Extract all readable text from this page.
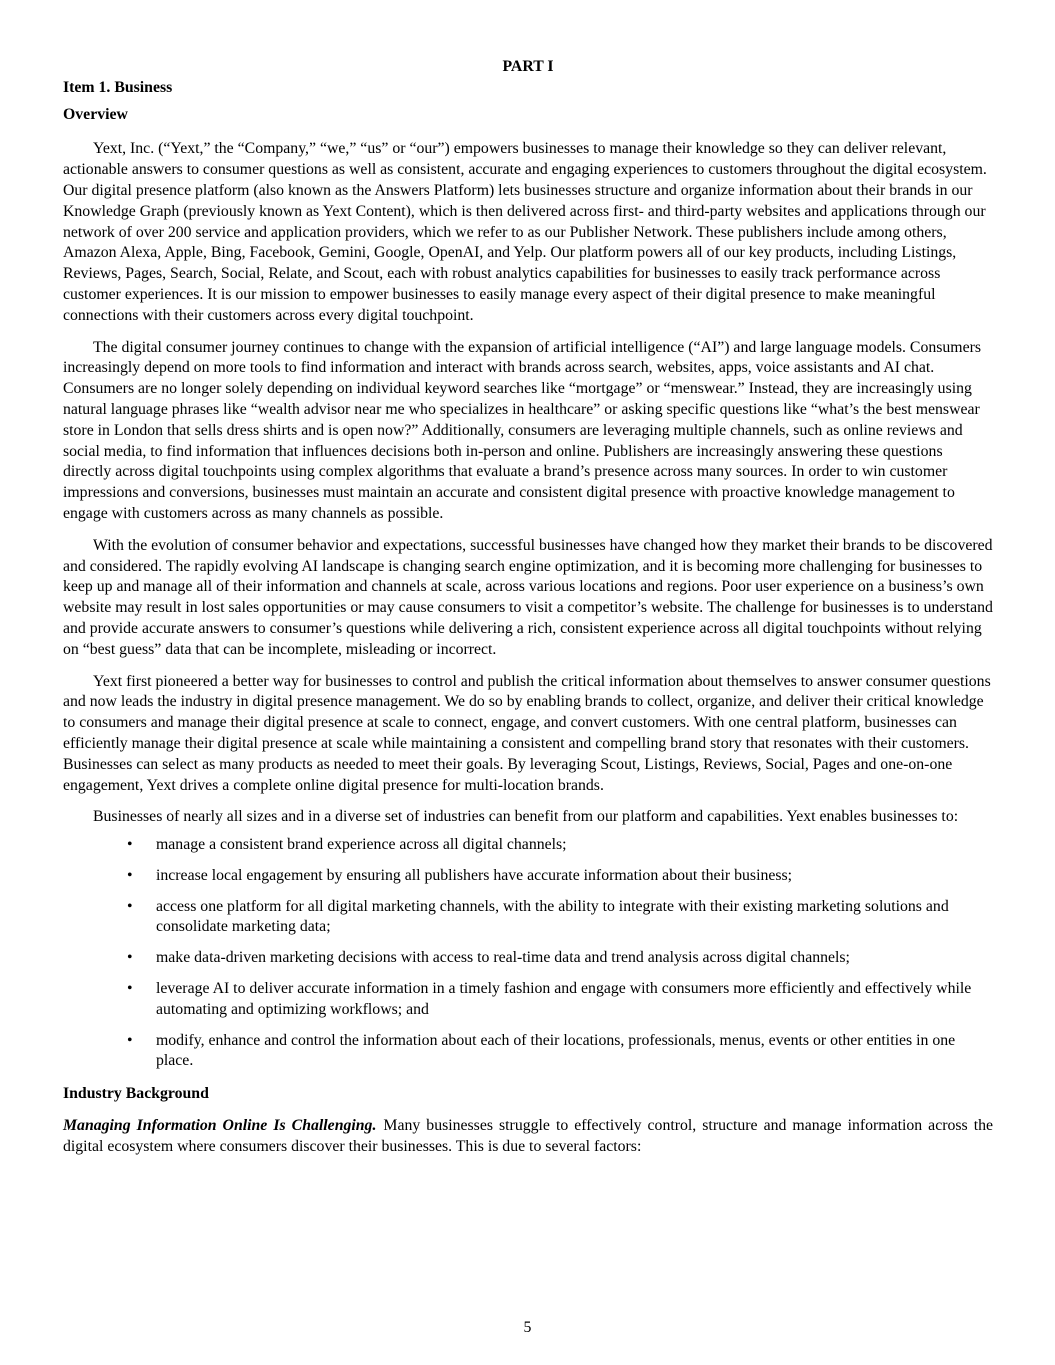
PART I
Item 1. Business
Overview

Yext, Inc. (“Yext,” the “Company,” “we,” “us” or “our”) empowers businesses to manage their knowledge so they can deliver relevant, actionable answers to consumer questions as well as consistent, accurate and engaging experiences to customers throughout the digital ecosystem. Our digital presence platform (also known as the Answers Platform) lets businesses structure and organize information about their brands in our Knowledge Graph (previously known as Yext Content), which is then delivered across first- and third-party websites and applications through our network of over 200 service and application providers, which we refer to as our Publisher Network. These publishers include among others, Amazon Alexa, Apple, Bing, Facebook, Gemini, Google, OpenAI, and Yelp. Our platform powers all of our key products, including Listings, Reviews, Pages, Search, Social, Relate, and Scout, each with robust analytics capabilities for businesses to easily track performance across customer experiences. It is our mission to empower businesses to easily manage every aspect of their digital presence to make meaningful connections with their customers across every digital touchpoint.

The digital consumer journey continues to change with the expansion of artificial intelligence (“AI”) and large language models. Consumers increasingly depend on more tools to find information and interact with brands across search, websites, apps, voice assistants and AI chat. Consumers are no longer solely depending on individual keyword searches like “mortgage” or “menswear.” Instead, they are increasingly using natural language phrases like “wealth advisor near me who specializes in healthcare” or asking specific questions like “what’s the best menswear store in London that sells dress shirts and is open now?” Additionally, consumers are leveraging multiple channels, such as online reviews and social media, to find information that influences decisions both in-person and online. Publishers are increasingly answering these questions directly across digital touchpoints using complex algorithms that evaluate a brand’s presence across many sources. In order to win customer impressions and conversions, businesses must maintain an accurate and consistent digital presence with proactive knowledge management to engage with customers across as many channels as possible.

With the evolution of consumer behavior and expectations, successful businesses have changed how they market their brands to be discovered and considered. The rapidly evolving AI landscape is changing search engine optimization, and it is becoming more challenging for businesses to keep up and manage all of their information and channels at scale, across various locations and regions. Poor user experience on a business’s own website may result in lost sales opportunities or may cause consumers to visit a competitor’s website. The challenge for businesses is to understand and provide accurate answers to consumer’s questions while delivering a rich, consistent experience across all digital touchpoints without relying on “best guess” data that can be incomplete, misleading or incorrect.

Yext first pioneered a better way for businesses to control and publish the critical information about themselves to answer consumer questions and now leads the industry in digital presence management. We do so by enabling brands to collect, organize, and deliver their critical knowledge to consumers and manage their digital presence at scale to connect, engage, and convert customers. With one central platform, businesses can efficiently manage their digital presence at scale while maintaining a consistent and compelling brand story that resonates with their customers. Businesses can select as many products as needed to meet their goals. By leveraging Scout, Listings, Reviews, Social, Pages and one-on-one engagement, Yext drives a complete online digital presence for multi-location brands.

Businesses of nearly all sizes and in a diverse set of industries can benefit from our platform and capabilities. Yext enables businesses to:

• manage a consistent brand experience across all digital channels;
• increase local engagement by ensuring all publishers have accurate information about their business;
• access one platform for all digital marketing channels, with the ability to integrate with their existing marketing solutions and consolidate marketing data;
• make data-driven marketing decisions with access to real-time data and trend analysis across digital channels;
• leverage AI to deliver accurate information in a timely fashion and engage with consumers more efficiently and effectively while automating and optimizing workflows; and
• modify, enhance and control the information about each of their locations, professionals, menus, events or other entities in one place.
Industry Background

Managing Information Online Is Challenging. Many businesses struggle to effectively control, structure and manage information across the digital ecosystem where consumers discover their businesses. This is due to several factors:

5
